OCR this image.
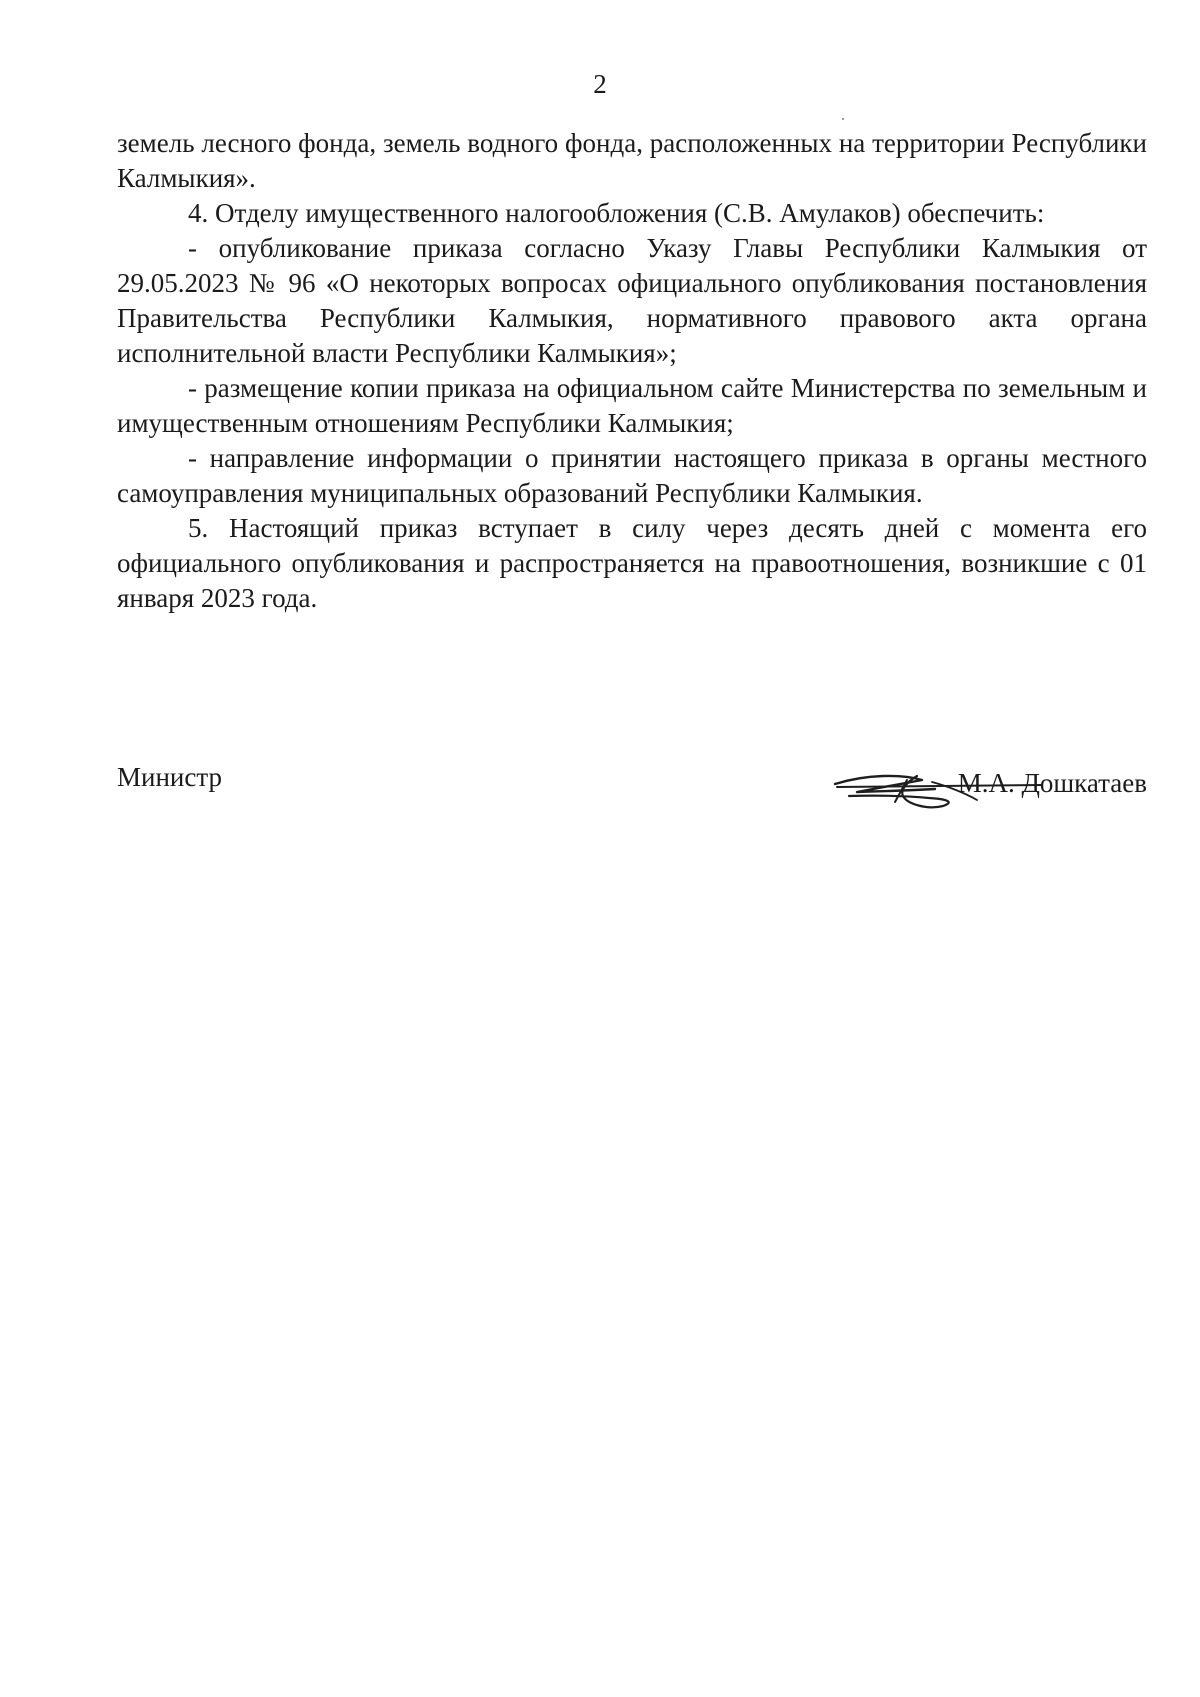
2

земель лесного фонда, земель водного фонда, расположенных на территории Республики Калмыкия».

4. Отделу имущественного налогообложения (С.В. Амулаков) обеспечить:

- опубликование приказа согласно Указу Главы Республики Калмыкия от 29.05.2023 № 96 «О некоторых вопросах официального опубликования постановления Правительства Республики Калмыкия, нормативного правового акта органа исполнительной власти Республики Калмыкия»;

- размещение копии приказа на официальном сайте Министерства по земельным и имущественным отношениям Республики Калмыкия;

- направление информации о принятии настоящего приказа в органы местного самоуправления муниципальных образований Республики Калмыкия.

5. Настоящий приказ вступает в силу через десять дней с момента его официального опубликования и распространяется на правоотношения, возникшие с 01 января 2023 года.

Министр	М.А. Дошкатаев
